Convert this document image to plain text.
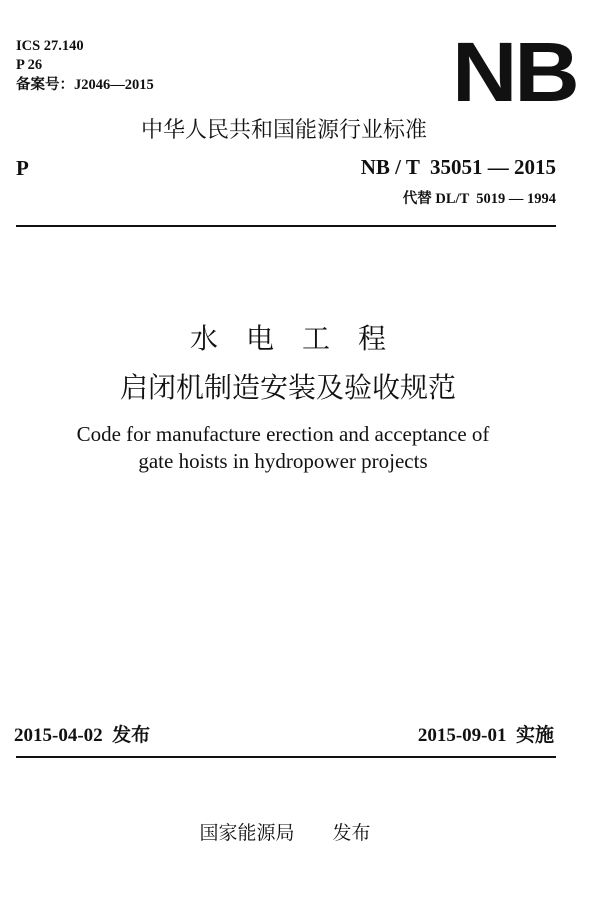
ICS 27.140
P 26
备案号：J2046—2015	NB
中华人民共和国能源行业标准
P	NB / T  35051 — 2015
代替 DL/T  5019 — 1994
水　电　工　程
启闭机制造安装及验收规范
Code for manufacture erection and acceptance of
gate hoists in hydropower projects
2015-04-02  发布	2015-09-01  实施
国家能源局　　发布
